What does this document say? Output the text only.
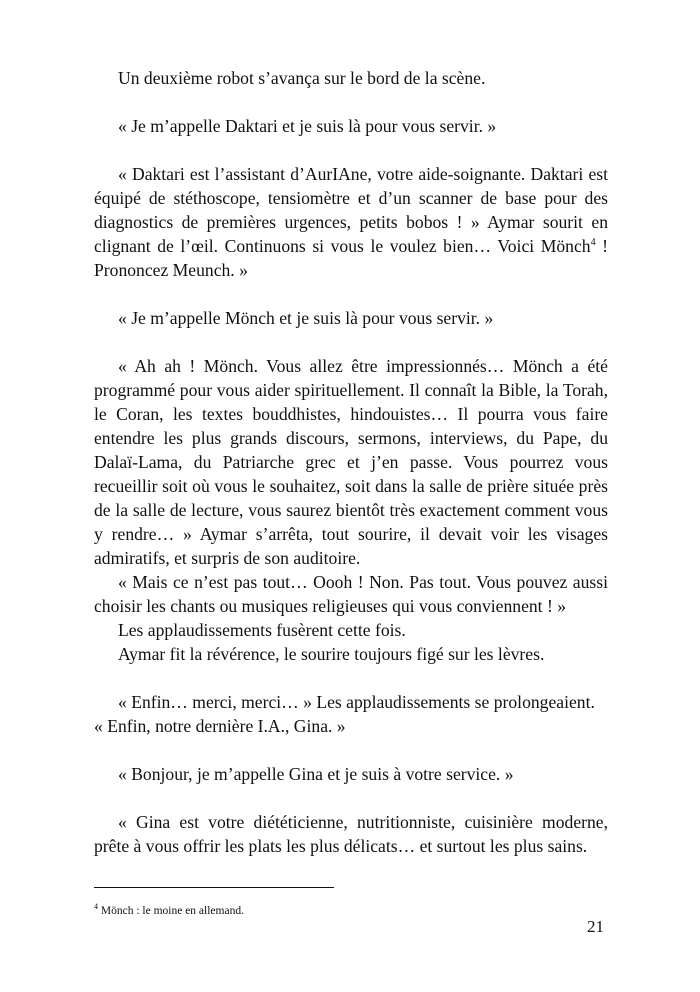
Un deuxième robot s’avança sur le bord de la scène.

« Je m’appelle Daktari et je suis là pour vous servir. »

« Daktari est l’assistant d’AurIAne, votre aide-soignante. Daktari est équipé de stéthoscope, tensiomètre et d’un scanner de base pour des diagnostics de premières urgences, petits bobos ! » Aymar sourit en clignant de l’œil. Continuons si vous le voulez bien… Voici Mönch$^4$ ! Prononcez Meunch. »

« Je m’appelle Mönch et je suis là pour vous servir. »

« Ah ah ! Mönch. Vous allez être impressionnés… Mönch a été programmé pour vous aider spirituellement. Il connaît la Bible, la Torah, le Coran, les textes bouddhistes, hindouistes… Il pourra vous faire entendre les plus grands discours, sermons, interviews, du Pape, du Dalaï-Lama, du Patriarche grec et j’en passe. Vous pourrez vous recueillir soit où vous le souhaitez, soit dans la salle de prière située près de la salle de lecture, vous saurez bientôt très exactement comment vous y rendre… » Aymar s’arrêta, tout sourire, il devait voir les visages admiratifs, et surpris de son auditoire.

« Mais ce n’est pas tout… Oooh ! Non. Pas tout. Vous pouvez aussi choisir les chants ou musiques religieuses qui vous conviennent ! »

Les applaudissements fusèrent cette fois.

Aymar fit la révérence, le sourire toujours figé sur les lèvres.

« Enfin… merci, merci… » Les applaudissements se prolongeaient.

« Enfin, notre dernière I.A., Gina. »

« Bonjour, je m’appelle Gina et je suis à votre service. »

« Gina est votre diététicienne, nutritionniste, cuisinière moderne, prête à vous offrir les plats les plus délicats… et surtout les plus sains.

$^4$ Mönch : le moine en allemand.
21
